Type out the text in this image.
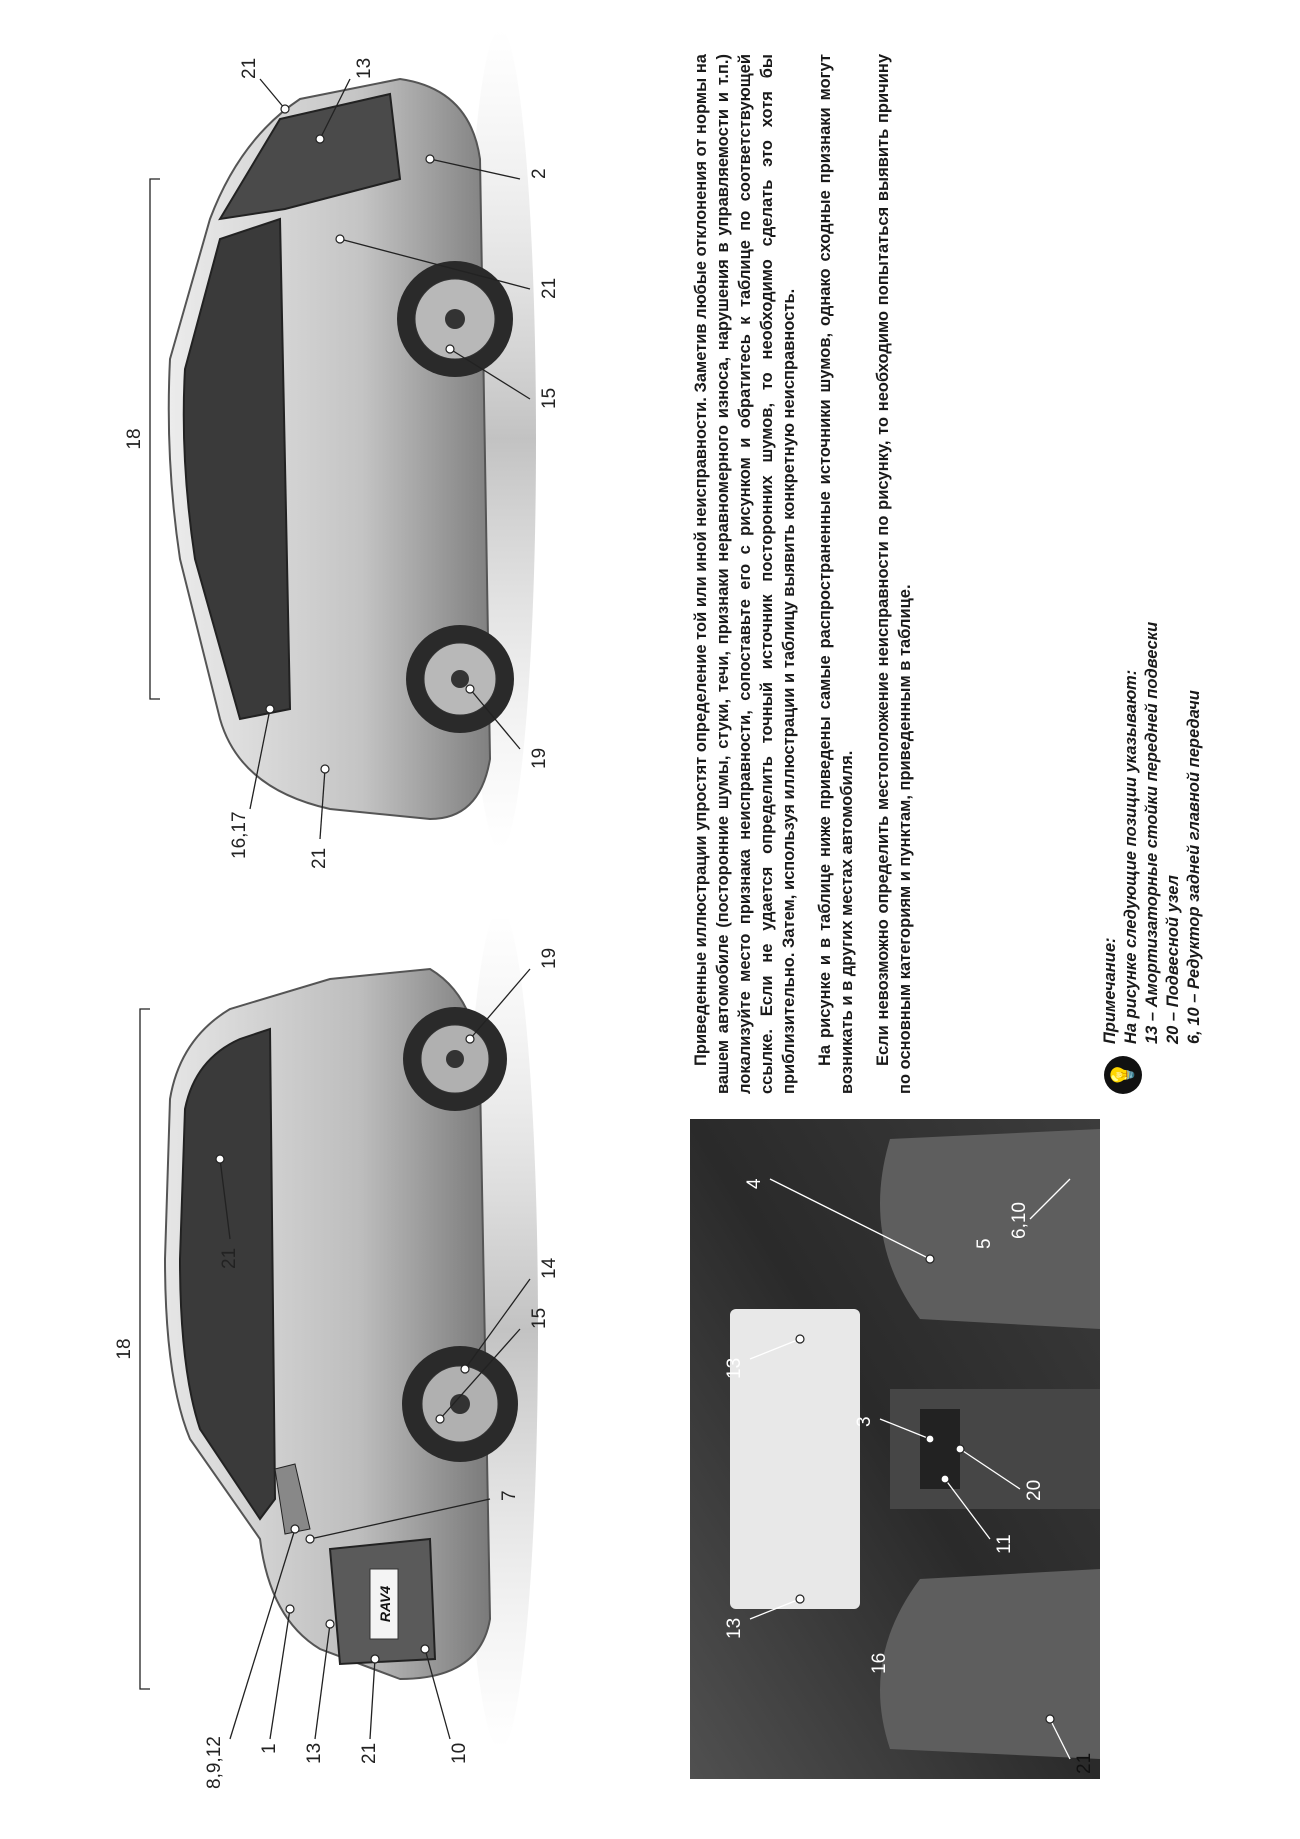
RAV4
18
1
8,9,12	13 21	10
21
7
15
14
19
18
21
16,17
19
15
21
2
13
21
21
13
16
11
20
3
13
4
5
6,10

Приведенные иллюстрации упростят определение той или иной неисправности. Заметив любые отклонения от нормы на вашем автомобиле (посторонние шумы, стуки, течи, признаки неравномерного износа, нарушения в управляемости и т.п.) локализуйте место признака неисправности, сопоставьте его с рисунком и обратитесь к таблице по соответствующей ссылке. Если не удается определить точный источник посторонних шумов, то необходимо сделать это хотя бы приблизительно. Затем, используя иллюстрации и таблицу выявить конкретную неисправность. На рисунке и в таблице ниже приведены самые распространенные источники шумов, однако сходные признаки могут возникать и в других местах автомобиля. Если невозможно определить местоположение неисправности по рисунку, то необходимо попытаться выявить причину по основным категориям и пунктам, приведенным в таблице.	💡
Примечание: На рисунке следующие позиции указывают: 13 – Амортизаторные стойки передней подвески 20 – Подвесной узел 6, 10 – Редуктор задней главной передачи
